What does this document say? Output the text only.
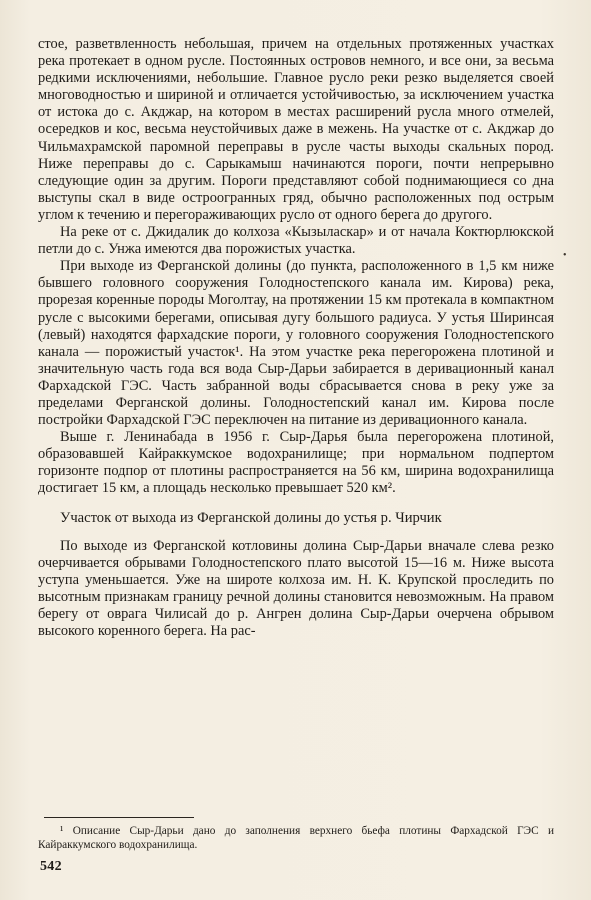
стое, разветвленность небольшая, причем на отдельных протяженных участках река протекает в одном русле. Постоянных островов немного, и все они, за весьма редкими исключениями, небольшие. Главное русло реки резко выделяется своей многоводностью и шириной и отличается устойчивостью, за исключением участка от истока до с. Акджар, на котором в местах расширений русла много отмелей, осередков и кос, весьма неустойчивых даже в межень. На участке от с. Акджар до Чильмахрамской паромной переправы в русле часты выходы скальных пород. Ниже переправы до с. Сарыкамыш начинаются пороги, почти непрерывно следующие один за другим. Пороги представляют собой поднимающиеся со дна выступы скал в виде остроогранных гряд, обычно расположенных под острым углом к течению и перегораживающих русло от одного берега до другого.

На реке от с. Джидалик до колхоза «Кызыласкар» и от начала Коктюрлюкской петли до с. Унжа имеются два порожистых участка.

При выходе из Ферганской долины (до пункта, расположенного в 1,5 км ниже бывшего головного сооружения Голодностепского канала им. Кирова) река, прорезая коренные породы Моголтау, на протяжении 15 км протекала в компактном русле с высокими берегами, описывая дугу большого радиуса. У устья Ширинсая (левый) находятся фархадские пороги, у головного сооружения Голодностепского канала — порожистый участок¹. На этом участке река перегорожена плотиной и значительную часть года вся вода Сыр-Дарьи забирается в деривационный канал Фархадской ГЭС. Часть забранной воды сбрасывается снова в реку уже за пределами Ферганской долины. Голодностепский канал им. Кирова после постройки Фархадской ГЭС переключен на питание из деривационного канала.

Выше г. Ленинабада в 1956 г. Сыр-Дарья была перегорожена плотиной, образовавшей Кайраккумское водохранилище; при нормальном подпертом горизонте подпор от плотины распространяется на 56 км, ширина водохранилища достигает 15 км, а площадь несколько превышает 520 км².

Участок от выхода из Ферганской долины до устья р. Чирчик

По выходе из Ферганской котловины долина Сыр-Дарьи вначале слева резко очерчивается обрывами Голодностепского плато высотой 15—16 м. Ниже высота уступа уменьшается. Уже на широте колхоза им. Н. К. Крупской проследить по высотным признакам границу речной долины становится невозможным. На правом берегу от оврага Чилисай до р. Ангрен долина Сыр-Дарьи очерчена обрывом высокого коренного берега. На рас-

•

¹ Описание Сыр-Дарьи дано до заполнения верхнего бьефа плотины Фархадской ГЭС и Кайраккумского водохранилища.

542
